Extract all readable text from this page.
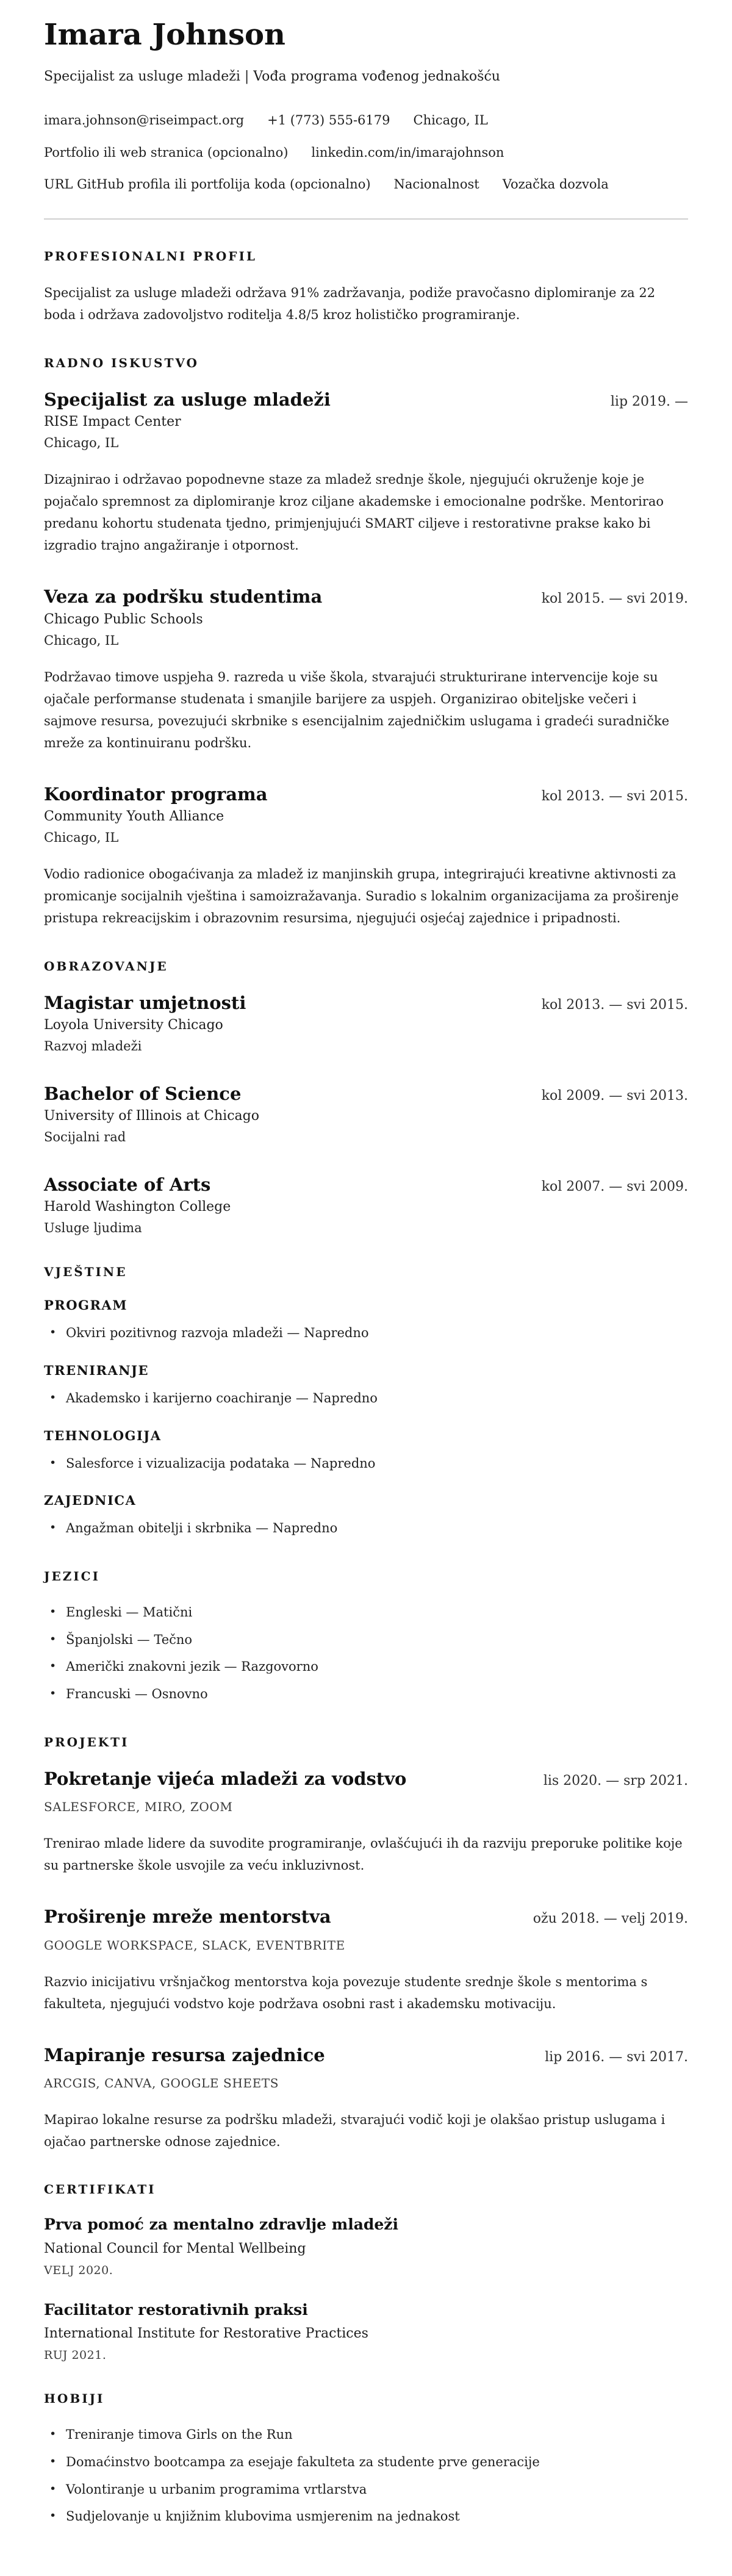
Imara Johnson

Specijalist za usluge mladeži | Vođa programa vođenog jednakošću

imara.johnson@riseimpact.org +1 (773) 555-6179 Chicago, IL
Portfolio ili web stranica (opcionalno) linkedin.com/in/imarajohnson
URL GitHub profila ili portfolija koda (opcionalno) Nacionalnost Vozačka dozvola
PROFESIONALNI PROFIL

Specijalist za usluge mladeži održava 91% zadržavanja, podiže pravočasno diplomiranje za 22 boda i održava zadovoljstvo roditelja 4.8/5 kroz holističko programiranje.

RADNO ISKUSTVO
Specijalist za usluge mladeži	lip 2019. —

RISE Impact Center

Chicago, IL

Dizajnirao i održavao popodnevne staze za mladež srednje škole, njegujući okruženje koje je pojačalo spremnost za diplomiranje kroz ciljane akademske i emocionalne podrške. Mentorirao predanu kohortu studenata tjedno, primjenjujući SMART ciljeve i restorativne prakse kako bi izgradio trajno angažiranje i otpornost.

Veza za podršku studentima	kol 2015. — svi 2019.

Chicago Public Schools

Chicago, IL

Podržavao timove uspjeha 9. razreda u više škola, stvarajući strukturirane intervencije koje su ojačale performanse studenata i smanjile barijere za uspjeh. Organizirao obiteljske večeri i sajmove resursa, povezujući skrbnike s esencijalnim zajedničkim uslugama i gradeći suradničke mreže za kontinuiranu podršku.

Koordinator programa	kol 2013. — svi 2015.

Community Youth Alliance

Chicago, IL

Vodio radionice obogaćivanja za mladež iz manjinskih grupa, integrirajući kreativne aktivnosti za promicanje socijalnih vještina i samoizražavanja. Suradio s lokalnim organizacijama za proširenje pristupa rekreacijskim i obrazovnim resursima, njegujući osjećaj zajednice i pripadnosti.

OBRAZOVANJE
Magistar umjetnosti	kol 2013. — svi 2015.

Loyola University Chicago

Razvoj mladeži

Bachelor of Science	kol 2009. — svi 2013.

University of Illinois at Chicago

Socijalni rad

Associate of Arts	kol 2007. — svi 2009.

Harold Washington College

Usluge ljudima

VJEŠTINE
PROGRAM
• Okviri pozitivnog razvoja mladeži — Napredno
TRENIRANJE
• Akademsko i karijerno coachiranje — Napredno
TEHNOLOGIJA
• Salesforce i vizualizacija podataka — Napredno
ZAJEDNICA
• Angažman obitelji i skrbnika — Napredno
JEZICI
• Engleski — Matični
• Španjolski — Tečno
• Američki znakovni jezik — Razgovorno
• Francuski — Osnovno
PROJEKTI
Pokretanje vijeća mladeži za vodstvo	lis 2020. — srp 2021.

SALESFORCE, MIRO, ZOOM

Trenirao mlade lidere da suvodite programiranje, ovlašćujući ih da razviju preporuke politike koje su partnerske škole usvojile za veću inkluzivnost.

Proširenje mreže mentorstva	ožu 2018. — velj 2019.

GOOGLE WORKSPACE, SLACK, EVENTBRITE

Razvio inicijativu vršnjačkog mentorstva koja povezuje studente srednje škole s mentorima s fakulteta, njegujući vodstvo koje podržava osobni rast i akademsku motivaciju.

Mapiranje resursa zajednice	lip 2016. — svi 2017.

ARCGIS, CANVA, GOOGLE SHEETS

Mapirao lokalne resurse za podršku mladeži, stvarajući vodič koji je olakšao pristup uslugama i ojačao partnerske odnose zajednice.

CERTIFIKATI
Prva pomoć za mentalno zdravlje mladeži

National Council for Mental Wellbeing

VELJ 2020.

Facilitator restorativnih praksi

International Institute for Restorative Practices

RUJ 2021.

HOBIJI
• Treniranje timova Girls on the Run
• Domaćinstvo bootcampa za esejaje fakulteta za studente prve generacije
• Volontiranje u urbanim programima vrtlarstva
• Sudjelovanje u knjižnim klubovima usmjerenim na jednakost
